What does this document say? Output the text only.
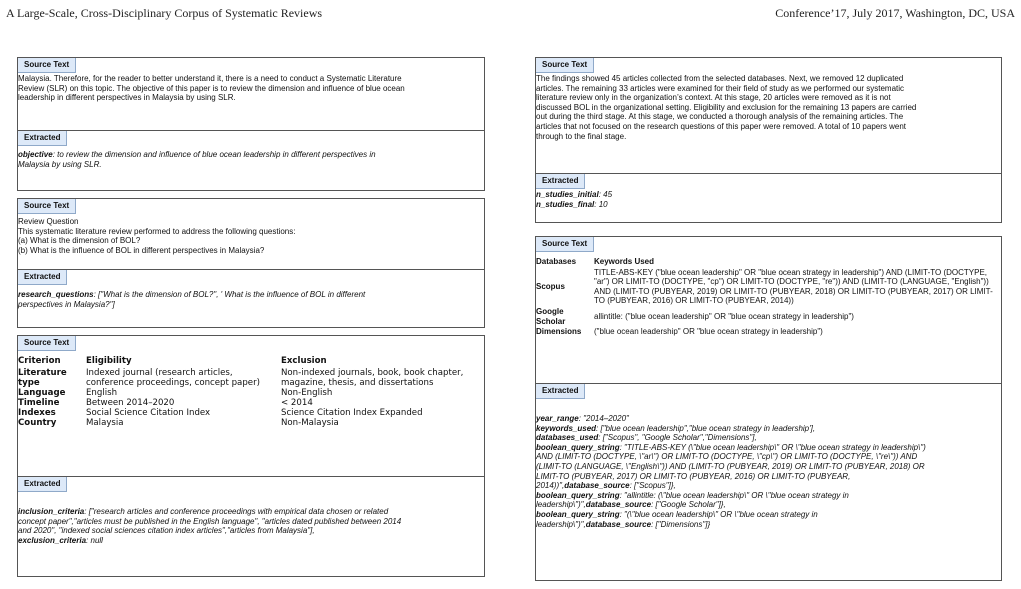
A Large-Scale, Cross-Disciplinary Corpus of Systematic Reviews	Conference’17, July 2017, Washington, DC, USA
Source Text
Malaysia. Therefore, for the reader to better understand it, there is a need to conduct a Systematic Literature
Review (SLR) on this topic. The objective of this paper is to review the dimension and influence of blue ocean
leadership in different perspectives in Malaysia by using SLR.
Extracted
objective: to review the dimension and influence of blue ocean leadership in different perspectives in
Malaysia by using SLR.
Source Text
Review Question
This systematic literature review performed to address the following questions:
(a) What is the dimension of BOL?
(b) What is the influence of BOL in different perspectives in Malaysia?
Extracted
research_questions: ["What is the dimension of BOL?", ' What is the influence of BOL in different
perspectives in Malaysia?"]
Source Text
Criterion	Eligibility	Exclusion
Literature type	Indexed journal (research articles, conference proceedings, concept paper)	Non-indexed journals, book, book chapter, magazine, thesis, and dissertations
Language	English	Non-English
Timeline	Between 2014–2020	< 2014
Indexes	Social Science Citation Index	Science Citation Index Expanded
Country	Malaysia	Non-Malaysia
Extracted
inclusion_criteria: ["research articles and conference proceedings with empirical data chosen or related
concept paper","articles must be published in the English language", "articles dated published between 2014
and 2020", "indexed social sciences citation index articles","articles from Malaysia"],
exclusion_criteria: null
Source Text
The findings showed 45 articles collected from the selected databases. Next, we removed 12 duplicated
articles. The remaining 33 articles were examined for their field of study as we performed our systematic
literature review only in the organization’s context. At this stage, 20 articles were removed as it is not
discussed BOL in the organizational setting. Eligibility and exclusion for the remaining 13 papers are carried
out during the third stage. At this stage, we conducted a thorough analysis of the remaining articles. The
articles that not focused on the research questions of this paper were removed. A total of 10 papers went
through to the final stage.
Extracted
n_studies_initial: 45
n_studies_final: 10
Source Text
Databases	Keywords Used
Scopus	TITLE-ABS-KEY ("blue ocean leadership" OR "blue ocean strategy in leadership") AND (LIMIT-TO (DOCTYPE, "ar") OR LIMIT-TO (DOCTYPE, "cp") OR LIMIT-TO (DOCTYPE, "re")) AND (LIMIT-TO (LANGUAGE, "English")) AND (LIMIT-TO (PUBYEAR, 2019) OR LIMIT-TO (PUBYEAR, 2018) OR LIMIT-TO (PUBYEAR, 2017) OR LIMIT-TO (PUBYEAR, 2016) OR LIMIT-TO (PUBYEAR, 2014))
Google Scholar	allintitle: ("blue ocean leadership" OR "blue ocean strategy in leadership")
Dimensions	("blue ocean leadership" OR "blue ocean strategy in leadership")
Extracted
year_range: "2014–2020"
keywords_used: ["blue ocean leadership","blue ocean strategy in leadership'],
databases_used: ["Scopus", "Google Scholar","Dimensions"],
boolean_query_string: "TITLE-ABS-KEY (\"blue ocean leadership\" OR \"blue ocean strategy in leadership\")
AND (LIMIT-TO (DOCTYPE, \"ar\") OR LIMIT-TO (DOCTYPE, \"cp\") OR LIMIT-TO (DOCTYPE, \"re\")) AND
(LIMIT-TO (LANGUAGE, \"English\")) AND (LIMIT-TO (PUBYEAR, 2019) OR LIMIT-TO (PUBYEAR, 2018) OR
LIMIT-TO (PUBYEAR, 2017) OR LIMIT-TO (PUBYEAR, 2016) OR LIMIT-TO (PUBYEAR,
2014))",database_source: ["Scopus"]},
boolean_query_string: "allintitle: (\"blue ocean leadership\" OR \"blue ocean strategy in
leadership\")",database_source: ["Google Scholar"]},
boolean_query_string: "(\"blue ocean leadership\" OR \"blue ocean strategy in
leadership\")",database_source: ["Dimensions"]}
